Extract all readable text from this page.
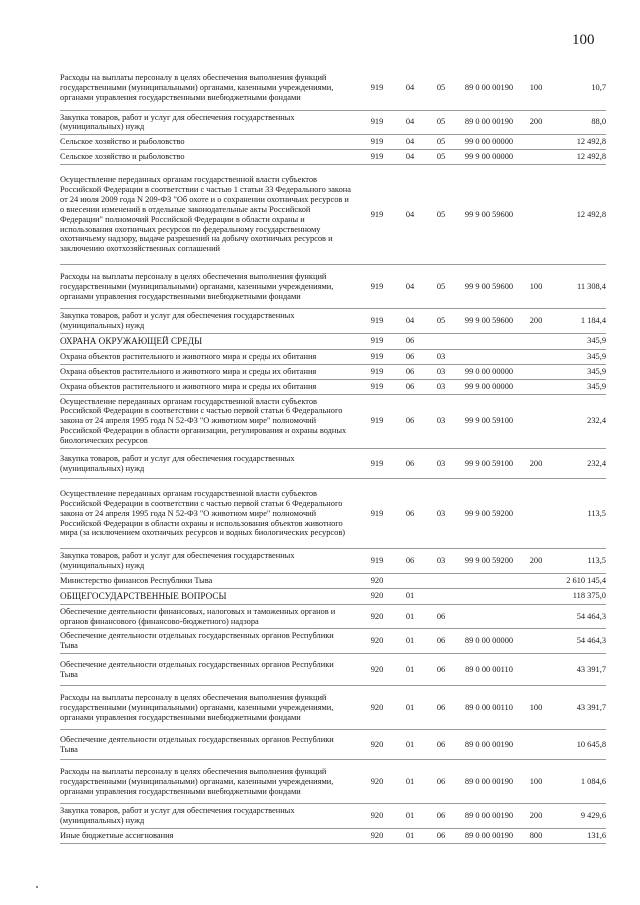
100
Расходы на выплаты персоналу в целях обеспечения выполнения функций государственными (муниципальными) органами, казенными учреждениями, органами управления государственными внебюджетными фондами	919	04	05	89 0 00 00190	100	10,7
Закупка товаров, работ и услуг для обеспечения государственных (муниципальных) нужд	919	04	05	89 0 00 00190	200	88,0
Сельское хозяйство и рыболовство	919	04	05	99 0 00 00000		12 492,8
Сельское хозяйство и рыболовство	919	04	05	99 9 00 00000		12 492,8
Осуществление переданных органам государственной власти субъектов Российской Федерации в соответствии с частью 1 статьи 33 Федерального закона от 24 июля 2009 года N 209-ФЗ "Об охоте и о сохранении охотничьих ресурсов и о внесении изменений в отдельные законодательные акты Российской Федерации" полномочий Российской Федерации в области охраны и использования охотничьих ресурсов по федеральному государственному охотничьему надзору, выдаче разрешений на добычу охотничьих ресурсов и заключению охотхозяйственных соглашений	919	04	05	99 9 00 59600		12 492,8
Расходы на выплаты персоналу в целях обеспечения выполнения функций государственными (муниципальными) органами, казенными учреждениями, органами управления государственными внебюджетными фондами	919	04	05	99 9 00 59600	100	11 308,4
Закупка товаров, работ и услуг для обеспечения государственных (муниципальных) нужд	919	04	05	99 9 00 59600	200	1 184,4
ОХРАНА ОКРУЖАЮЩЕЙ СРЕДЫ	919	06				345,9
Охрана объектов растительного и животного мира и среды их обитания	919	06	03			345,9
Охрана объектов растительного и животного мира и среды их обитания	919	06	03	99 0 00 00000		345,9
Охрана объектов растительного и животного мира и среды их обитания	919	06	03	99 9 00 00000		345,9
Осуществление переданных органам государственной власти субъектов Российской Федерации в соответствии с частью первой статьи 6 Федерального закона от 24 апреля 1995 года N 52-ФЗ "О животном мире" полномочий Российской Федерации в области организации, регулирования и охраны водных биологических ресурсов	919	06	03	99 9 00 59100		232,4
Закупка товаров, работ и услуг для обеспечения государственных (муниципальных) нужд	919	06	03	99 9 00 59100	200	232,4
Осуществление переданных органам государственной власти субъектов Российской Федерации в соответствии с частью первой статьи 6 Федерального закона от 24 апреля 1995 года N 52-ФЗ "О животном мире" полномочий Российской Федерации в области охраны и использования объектов животного мира (за исключением охотничьих ресурсов и водных биологических ресурсов)	919	06	03	99 9 00 59200		113,5
Закупка товаров, работ и услуг для обеспечения государственных (муниципальных) нужд	919	06	03	99 9 00 59200	200	113,5
Министерство финансов Республики Тыва	920					2 610 145,4
ОБЩЕГОСУДАРСТВЕННЫЕ ВОПРОСЫ	920	01				118 375,0
Обеспечение деятельности финансовых, налоговых и таможенных органов и органов финансового (финансово-бюджетного) надзора	920	01	06			54 464,3
Обеспечение деятельности отдельных государственных органов Республики Тыва	920	01	06	89 0 00 00000		54 464,3
Обеспечение деятельности отдельных государственных органов Республики Тыва	920	01	06	89 0 00 00110		43 391,7
Расходы на выплаты персоналу в целях обеспечения выполнения функций государственными (муниципальными) органами, казенными учреждениями, органами управления государственными внебюджетными фондами	920	01	06	89 0 00 00110	100	43 391,7
Обеспечение деятельности отдельных государственных органов Республики Тыва	920	01	06	89 0 00 00190		10 645,8
Расходы на выплаты персоналу в целях обеспечения выполнения функций государственными (муниципальными) органами, казенными учреждениями, органами управления государственными внебюджетными фондами	920	01	06	89 0 00 00190	100	1 084,6
Закупка товаров, работ и услуг для обеспечения государственных (муниципальных) нужд	920	01	06	89 0 00 00190	200	9 429,6
Иные бюджетные ассигнования	920	01	06	89 0 00 00190	800	131,6
